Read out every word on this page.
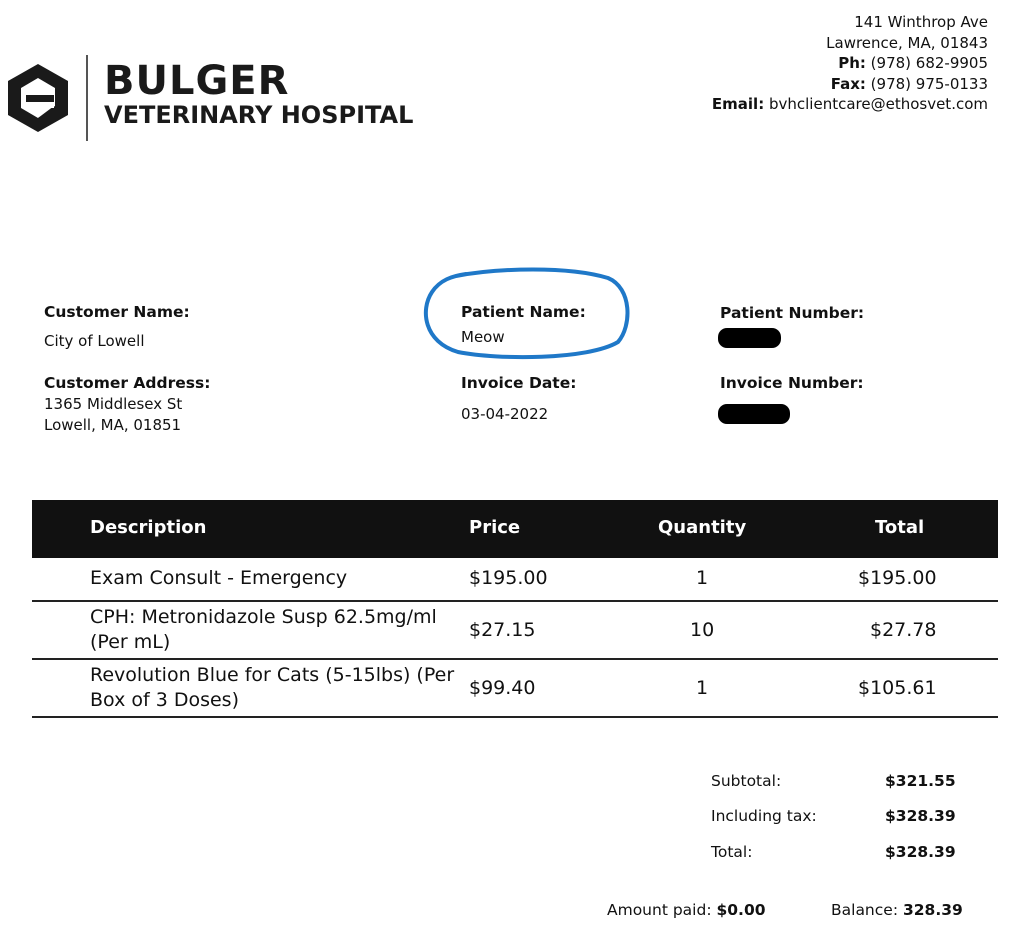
BULGER
VETERINARY HOSPITAL
141 Winthrop Ave
Lawrence, MA, 01843
Ph: (978) 682-9905
Fax: (978) 975-0133
Email: bvhclientcare@ethosvet.com
Customer Name:
City of Lowell
Customer Address:
1365 Middlesex St
Lowell, MA, 01851
Patient Name:
Meow
Patient Number:
Invoice Date:
03-04-2022
Invoice Number:
Description	Price	Quantity	Total
Exam Consult - Emergency	$195.00	1	$195.00
CPH: Metronidazole Susp 62.5mg/ml
(Per mL)
$27.15	10	$27.78
Revolution Blue for Cats (5-15lbs) (Per
Box of 3 Doses)
$99.40	1	$105.61
Subtotal:	$321.55
Including tax:	$328.39
Total:	$328.39
Amount paid: $0.00	Balance: 328.39
